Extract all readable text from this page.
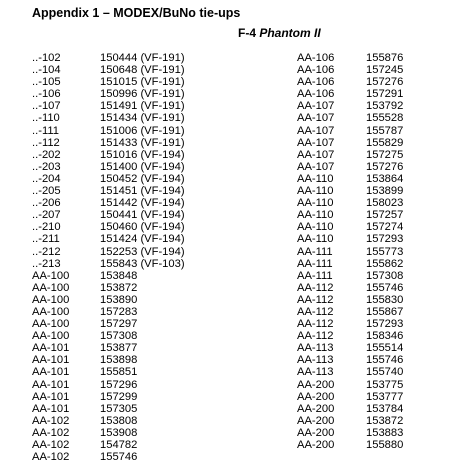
Appendix 1 – MODEX/BuNo tie-ups
F-4 Phantom II
..-102	150444 (VF-191)
..-104	150648 (VF-191)
..-105	151015 (VF-191)
..-106	150996 (VF-191)
..-107	151491 (VF-191)
..-110	151434 (VF-191)
..-111	151006 (VF-191)
..-112	151433 (VF-191)
..-202	151016 (VF-194)
..-203	151400 (VF-194)
..-204	150452 (VF-194)
..-205	151451 (VF-194)
..-206	151442 (VF-194)
..-207	150441 (VF-194)
..-210	150460 (VF-194)
..-211	151424 (VF-194)
..-212	152253 (VF-194)
..-213	155843 (VF-103)
AA-100	153848
AA-100	153872
AA-100	153890
AA-100	157283
AA-100	157297
AA-100	157308
AA-101	153877
AA-101	153898
AA-101	155851
AA-101	157296
AA-101	157299
AA-101	157305
AA-102	153808
AA-102	153908
AA-102	154782
AA-102	155746
AA-106	155876
AA-106	157245
AA-106	157276
AA-106	157291
AA-107	153792
AA-107	155528
AA-107	155787
AA-107	155829
AA-107	157275
AA-107	157276
AA-110	153864
AA-110	153899
AA-110	158023
AA-110	157257
AA-110	157274
AA-110	157293
AA-111	155773
AA-111	155862
AA-111	157308
AA-112	155746
AA-112	155830
AA-112	155867
AA-112	157293
AA-112	158346
AA-113	155514
AA-113	155746
AA-113	155740
AA-200	153775
AA-200	153777
AA-200	153784
AA-200	153872
AA-200	153883
AA-200	155880
